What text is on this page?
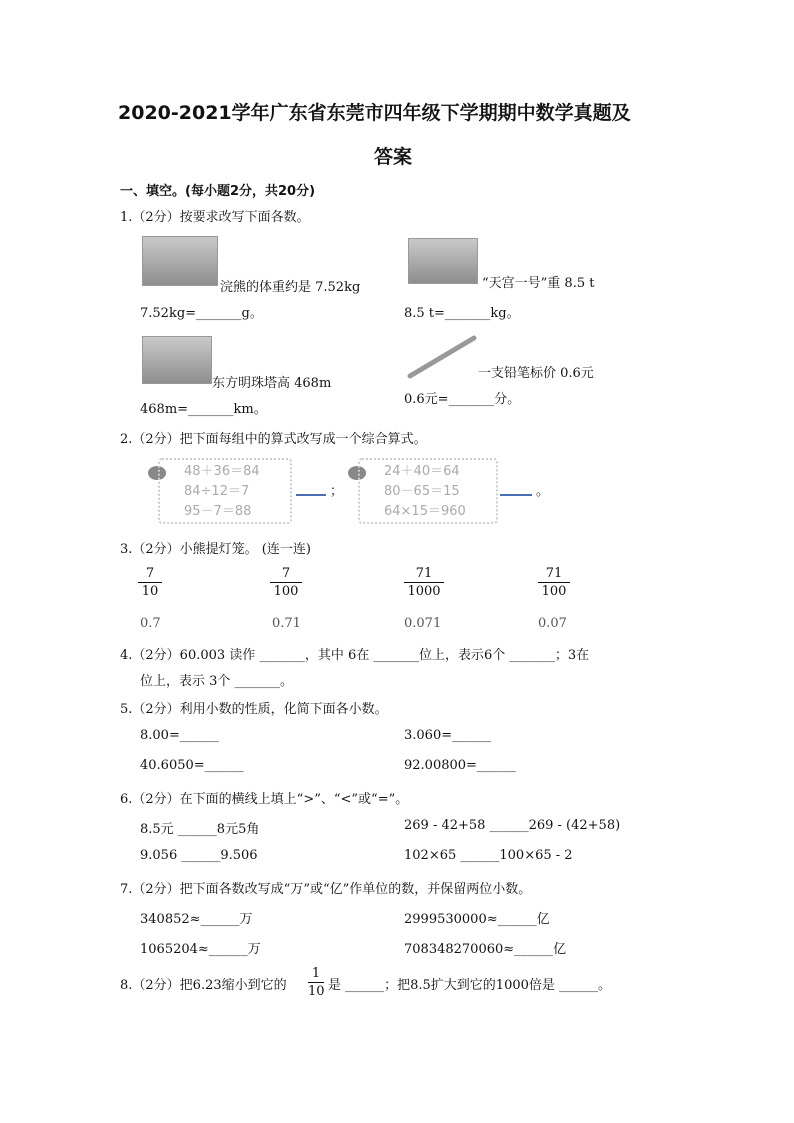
2020-2021学年广东省东莞市四年级下学期期中数学真题及
答案
一、填空。(每小题2分，共20分)
1.（2分）按要求改写下面各数。
浣熊的体重约是 7.52kg
7.52kg=_______g。
“天宫一号”重 8.5 t
8.5 t=_______kg。
东方明珠塔高 468m
468m=_______km。
一支铅笔标价 0.6元
0.6元=_______分。
2.（2分）把下面每组中的算式改写成一个综合算式。
48＋36＝84
84÷12＝7
95－7＝88
；
24＋40＝64
80－65＝15
64×15＝960
。
3.（2分）小熊提灯笼。 (连一连)
7
10
7
100
71
1000
71
100
0.7	0.71	0.071	0.07
4.（2分）60.003 读作 _______，其中 6在 _______位上，表示6个 _______；3在
位上，表示 3个 _______。
5.（2分）利用小数的性质，化简下面各小数。
8.00=______	3.060=______
40.6050=______	92.00800=______
6.（2分）在下面的横线上填上“>”、“<”或“=”。
8.5元 ______8元5角	269 - 42+58 ______269 - (42+58)
9.056 ______9.506	102×65 ______100×65 - 2
7.（2分）把下面各数改写成“万”或“亿”作单位的数，并保留两位小数。
340852≈______万	2999530000≈______亿
1065204≈______万	708348270060≈______亿
8.（2分）把6.23缩小到它的
1
10 是 ______；把8.5扩大到它的1000倍是 ______。
